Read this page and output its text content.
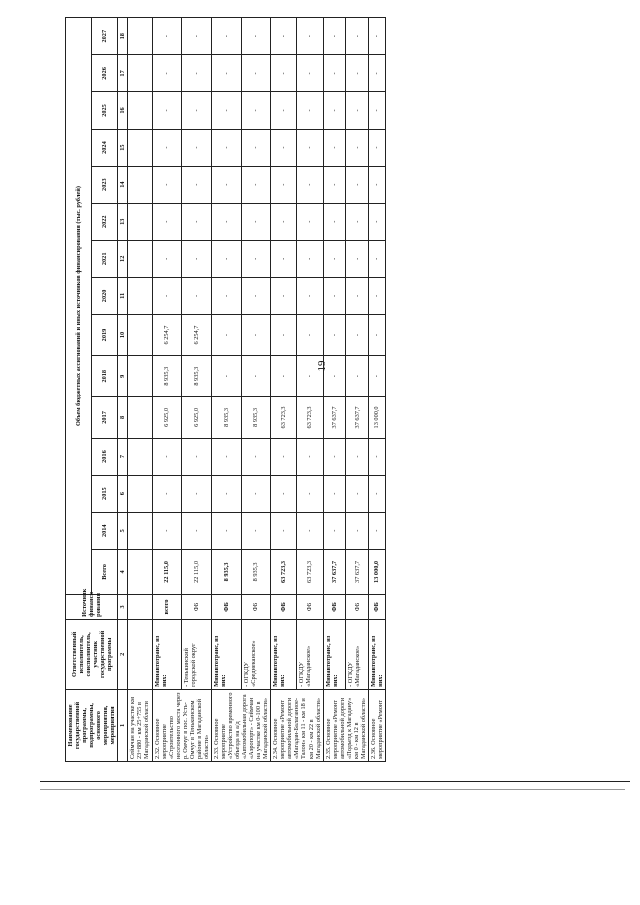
19
Наименование государственной программы, подпрограммы, основного мероприятия, мероприятия	Ответственный исполнитель, соисполнитель, участник государственной программы	Источник финанси-рования	Объем бюджетных ассигнований и иных источников финансирования (тыс. рублей)														
			Всего	2014	2015	2016	2017	2018	2019	2020	2021	2022	2023	2024	2025	2026	2027
1	2	3	4	5	6	7	8	9	10	11	12	13	14	15	16	17	18
Сеймчан на участке км 23+880 - км 25+755 в Магаданской области																	
2.32. Основное мероприятие «Строительство несезонного моста через р. Омчуг в пос. Усть-Омчуг в Тенькинском районе в Магаданской области»	Минавтотранс, из них:	всего	22 115,0	-	-	-	6 925,0	8 935,3	6 254,7	-	-	-	-	-	-	-	-
	- Тенькинский городской округ	ФБ	22 115,0	-	-	-	6 925,0	8 935,3	6 254,7	-	-	-	-	-	-	-	-
2.33. Основное мероприятие «Устройство временного объезда на а/д «Автомобильная дорога «Аэропорт» - Сеймчан на участке км 0-100 в Магаданской области»	Минавтотранс, из них:	ФБ	8 935,3	-	-	-	8 935,3	-	-	-	-	-	-	-	-	-	-
	- ОГКДУ «Среднеканское»	ФБ	8 935,3	-	-	-	8 935,3	-	-	-	-	-	-	-	-	-	-
2.34. Основное мероприятие «Ремонт автомобильной дороги «Магадан-Балаганное-Талон» км 11 - км 18 и км 20 - км 22 в Магаданской области»	Минавтотранс, из них:	ФБ	63 723,3	-	-	-	63 723,3	-	-	-	-	-	-	-	-	-	-
	- ОГКДУ «Магаданское»	ФБ	63 723,3	-	-	-	63 723,3	-	-	-	-	-	-	-	-	-	-
2.35. Основное мероприятие «Ремонт автомобильной дороги «Подъезд к Магадану» км 0 - км 12 в Магаданской области»	Минавтотранс, из них:	ФБ	37 637,7	-	-	-	37 637,7	-	-	-	-	-	-	-	-	-	-
	- ОГКДУ «Магаданское»	ФБ	37 637,7	-	-	-	37 637,7	-	-	-	-	-	-	-	-	-	-
2.36. Основное мероприятие «Ремонт	Минавтотранс, из них:	ФБ	13 000,0	-	-	-	13 000,0	-	-	-	-	-	-	-	-	-	-
